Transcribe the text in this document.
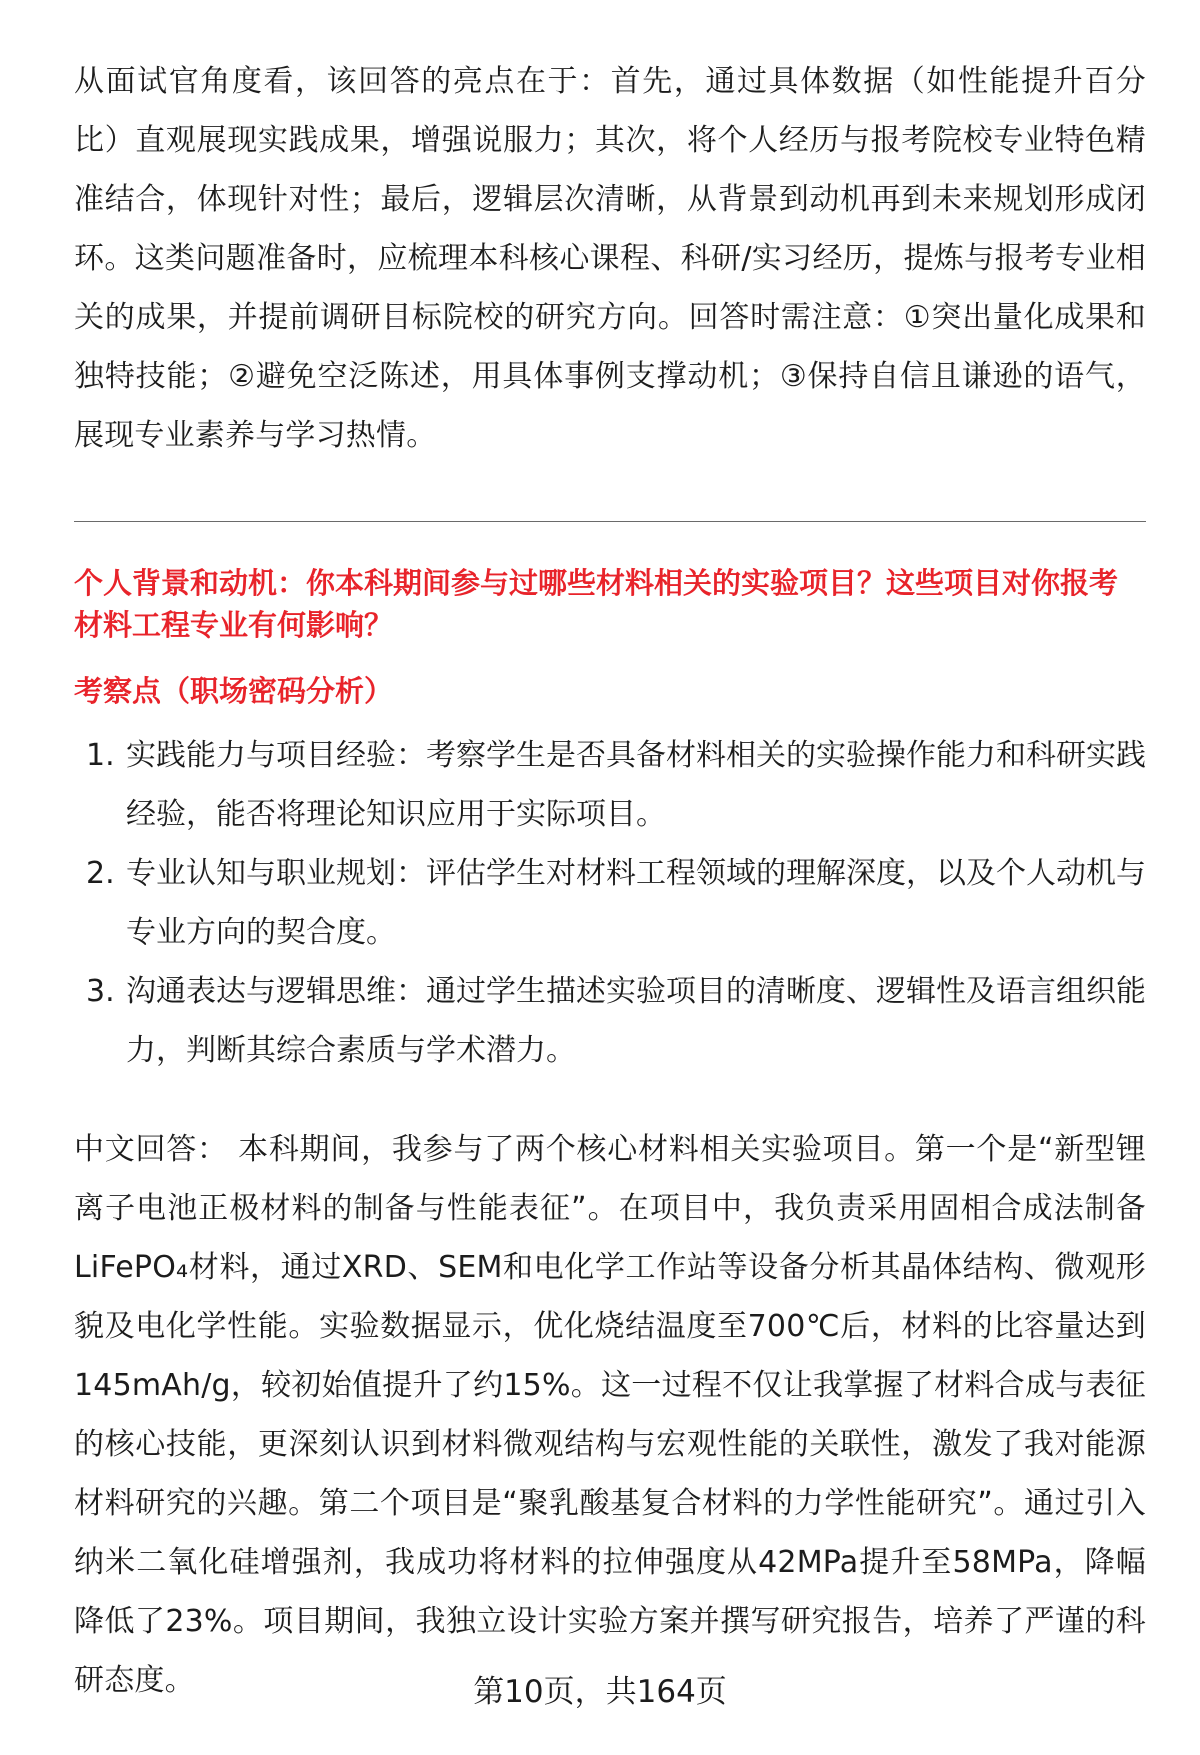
从面试官角度看，该回答的亮点在于：首先，通过具体数据（如性能提升百分比）直观展现实践成果，增强说服力；其次，将个人经历与报考院校专业特色精准结合，体现针对性；最后，逻辑层次清晰，从背景到动机再到未来规划形成闭环。这类问题准备时，应梳理本科核心课程、科研/实习经历，提炼与报考专业相关的成果，并提前调研目标院校的研究方向。回答时需注意：①突出量化成果和独特技能；②避免空泛陈述，用具体事例支撑动机；③保持自信且谦逊的语气，展现专业素养与学习热情。

个人背景和动机：你本科期间参与过哪些材料相关的实验项目？这些项目对你报考材料工程专业有何影响？

考察点（职场密码分析）

1. 实践能力与项目经验：考察学生是否具备材料相关的实验操作能力和科研实践经验，能否将理论知识应用于实际项目。
2. 专业认知与职业规划：评估学生对材料工程领域的理解深度，以及个人动机与专业方向的契合度。
3. 沟通表达与逻辑思维：通过学生描述实验项目的清晰度、逻辑性及语言组织能力，判断其综合素质与学术潜力。

中文回答： 本科期间，我参与了两个核心材料相关实验项目。第一个是“新型锂离子电池正极材料的制备与性能表征”。在项目中，我负责采用固相合成法制备LiFePO₄材料，通过XRD、SEM和电化学工作站等设备分析其晶体结构、微观形貌及电化学性能。实验数据显示，优化烧结温度至700℃后，材料的比容量达到145mAh/g，较初始值提升了约15%。这一过程不仅让我掌握了材料合成与表征的核心技能，更深刻认识到材料微观结构与宏观性能的关联性，激发了我对能源材料研究的兴趣。第二个项目是“聚乳酸基复合材料的力学性能研究”。通过引入纳米二氧化硅增强剂，我成功将材料的拉伸强度从42MPa提升至58MPa，降幅降低了23%。项目期间，我独立设计实验方案并撰写研究报告，培养了严谨的科研态度。	第10页，共164页
